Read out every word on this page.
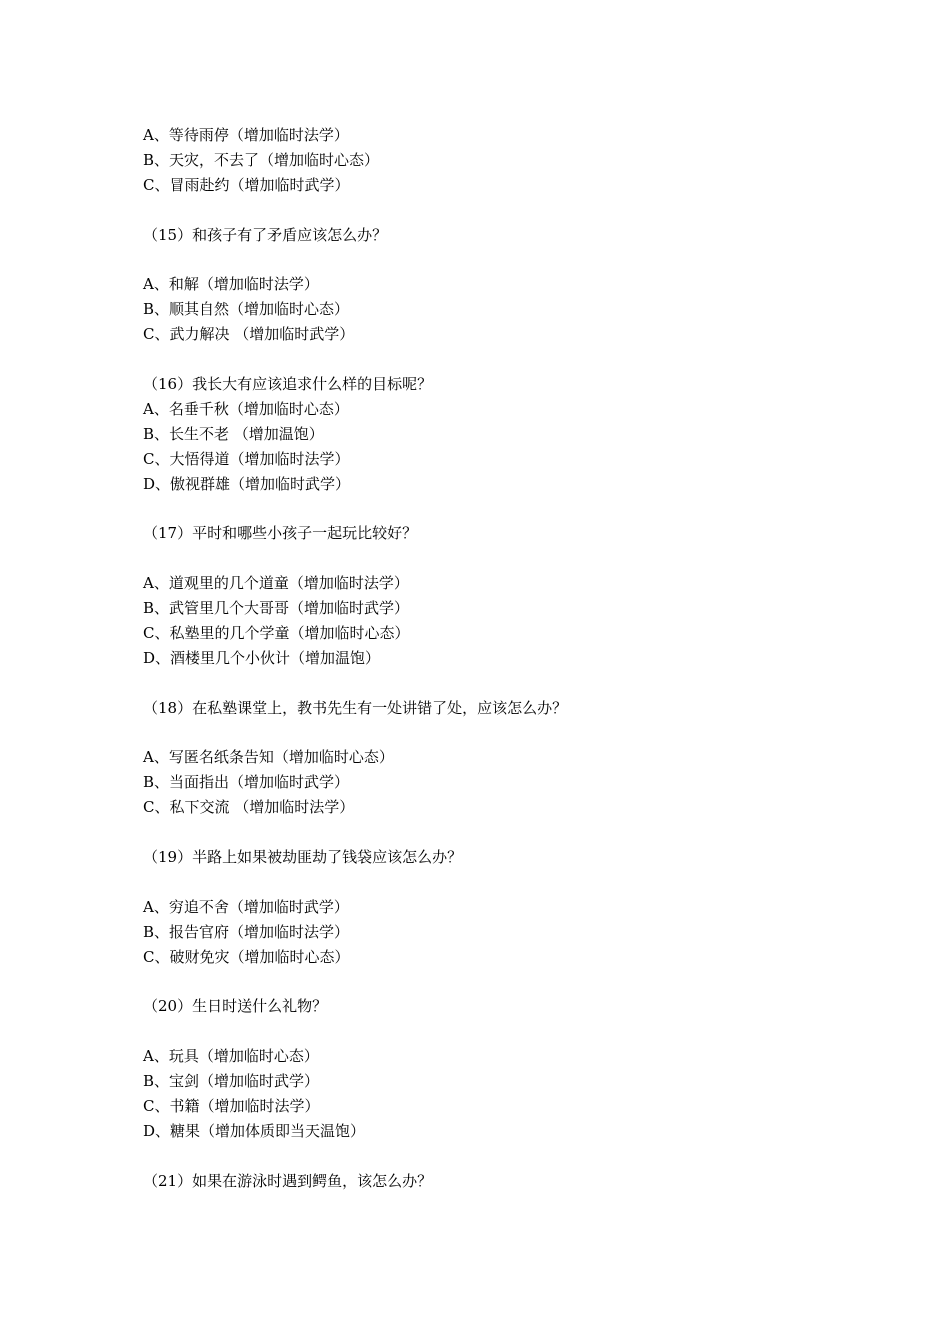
A、等待雨停（增加临时法学）
B、天灾，不去了（增加临时心态）
C、冒雨赴约（增加临时武学）
（15）和孩子有了矛盾应该怎么办？
A、和解（增加临时法学）
B、顺其自然（增加临时心态）
C、武力解决 （增加临时武学）
（16）我长大有应该追求什么样的目标呢？
A、名垂千秋（增加临时心态）
B、长生不老 （增加温饱）
C、大悟得道（增加临时法学）
D、傲视群雄（增加临时武学）
（17）平时和哪些小孩子一起玩比较好？
A、道观里的几个道童（增加临时法学）
B、武管里几个大哥哥（增加临时武学）
C、私塾里的几个学童（增加临时心态）
D、酒楼里几个小伙计（增加温饱）
（18）在私塾课堂上，教书先生有一处讲错了处，应该怎么办？
A、写匿名纸条告知（增加临时心态）
B、当面指出（增加临时武学）
C、私下交流 （增加临时法学）
（19）半路上如果被劫匪劫了钱袋应该怎么办？
A、穷追不舍（增加临时武学）
B、报告官府（增加临时法学）
C、破财免灾（增加临时心态）
（20）生日时送什么礼物？
A、玩具（增加临时心态）
B、宝剑（增加临时武学）
C、书籍（增加临时法学）
D、糖果（增加体质即当天温饱）
（21）如果在游泳时遇到鳄鱼，该怎么办？
